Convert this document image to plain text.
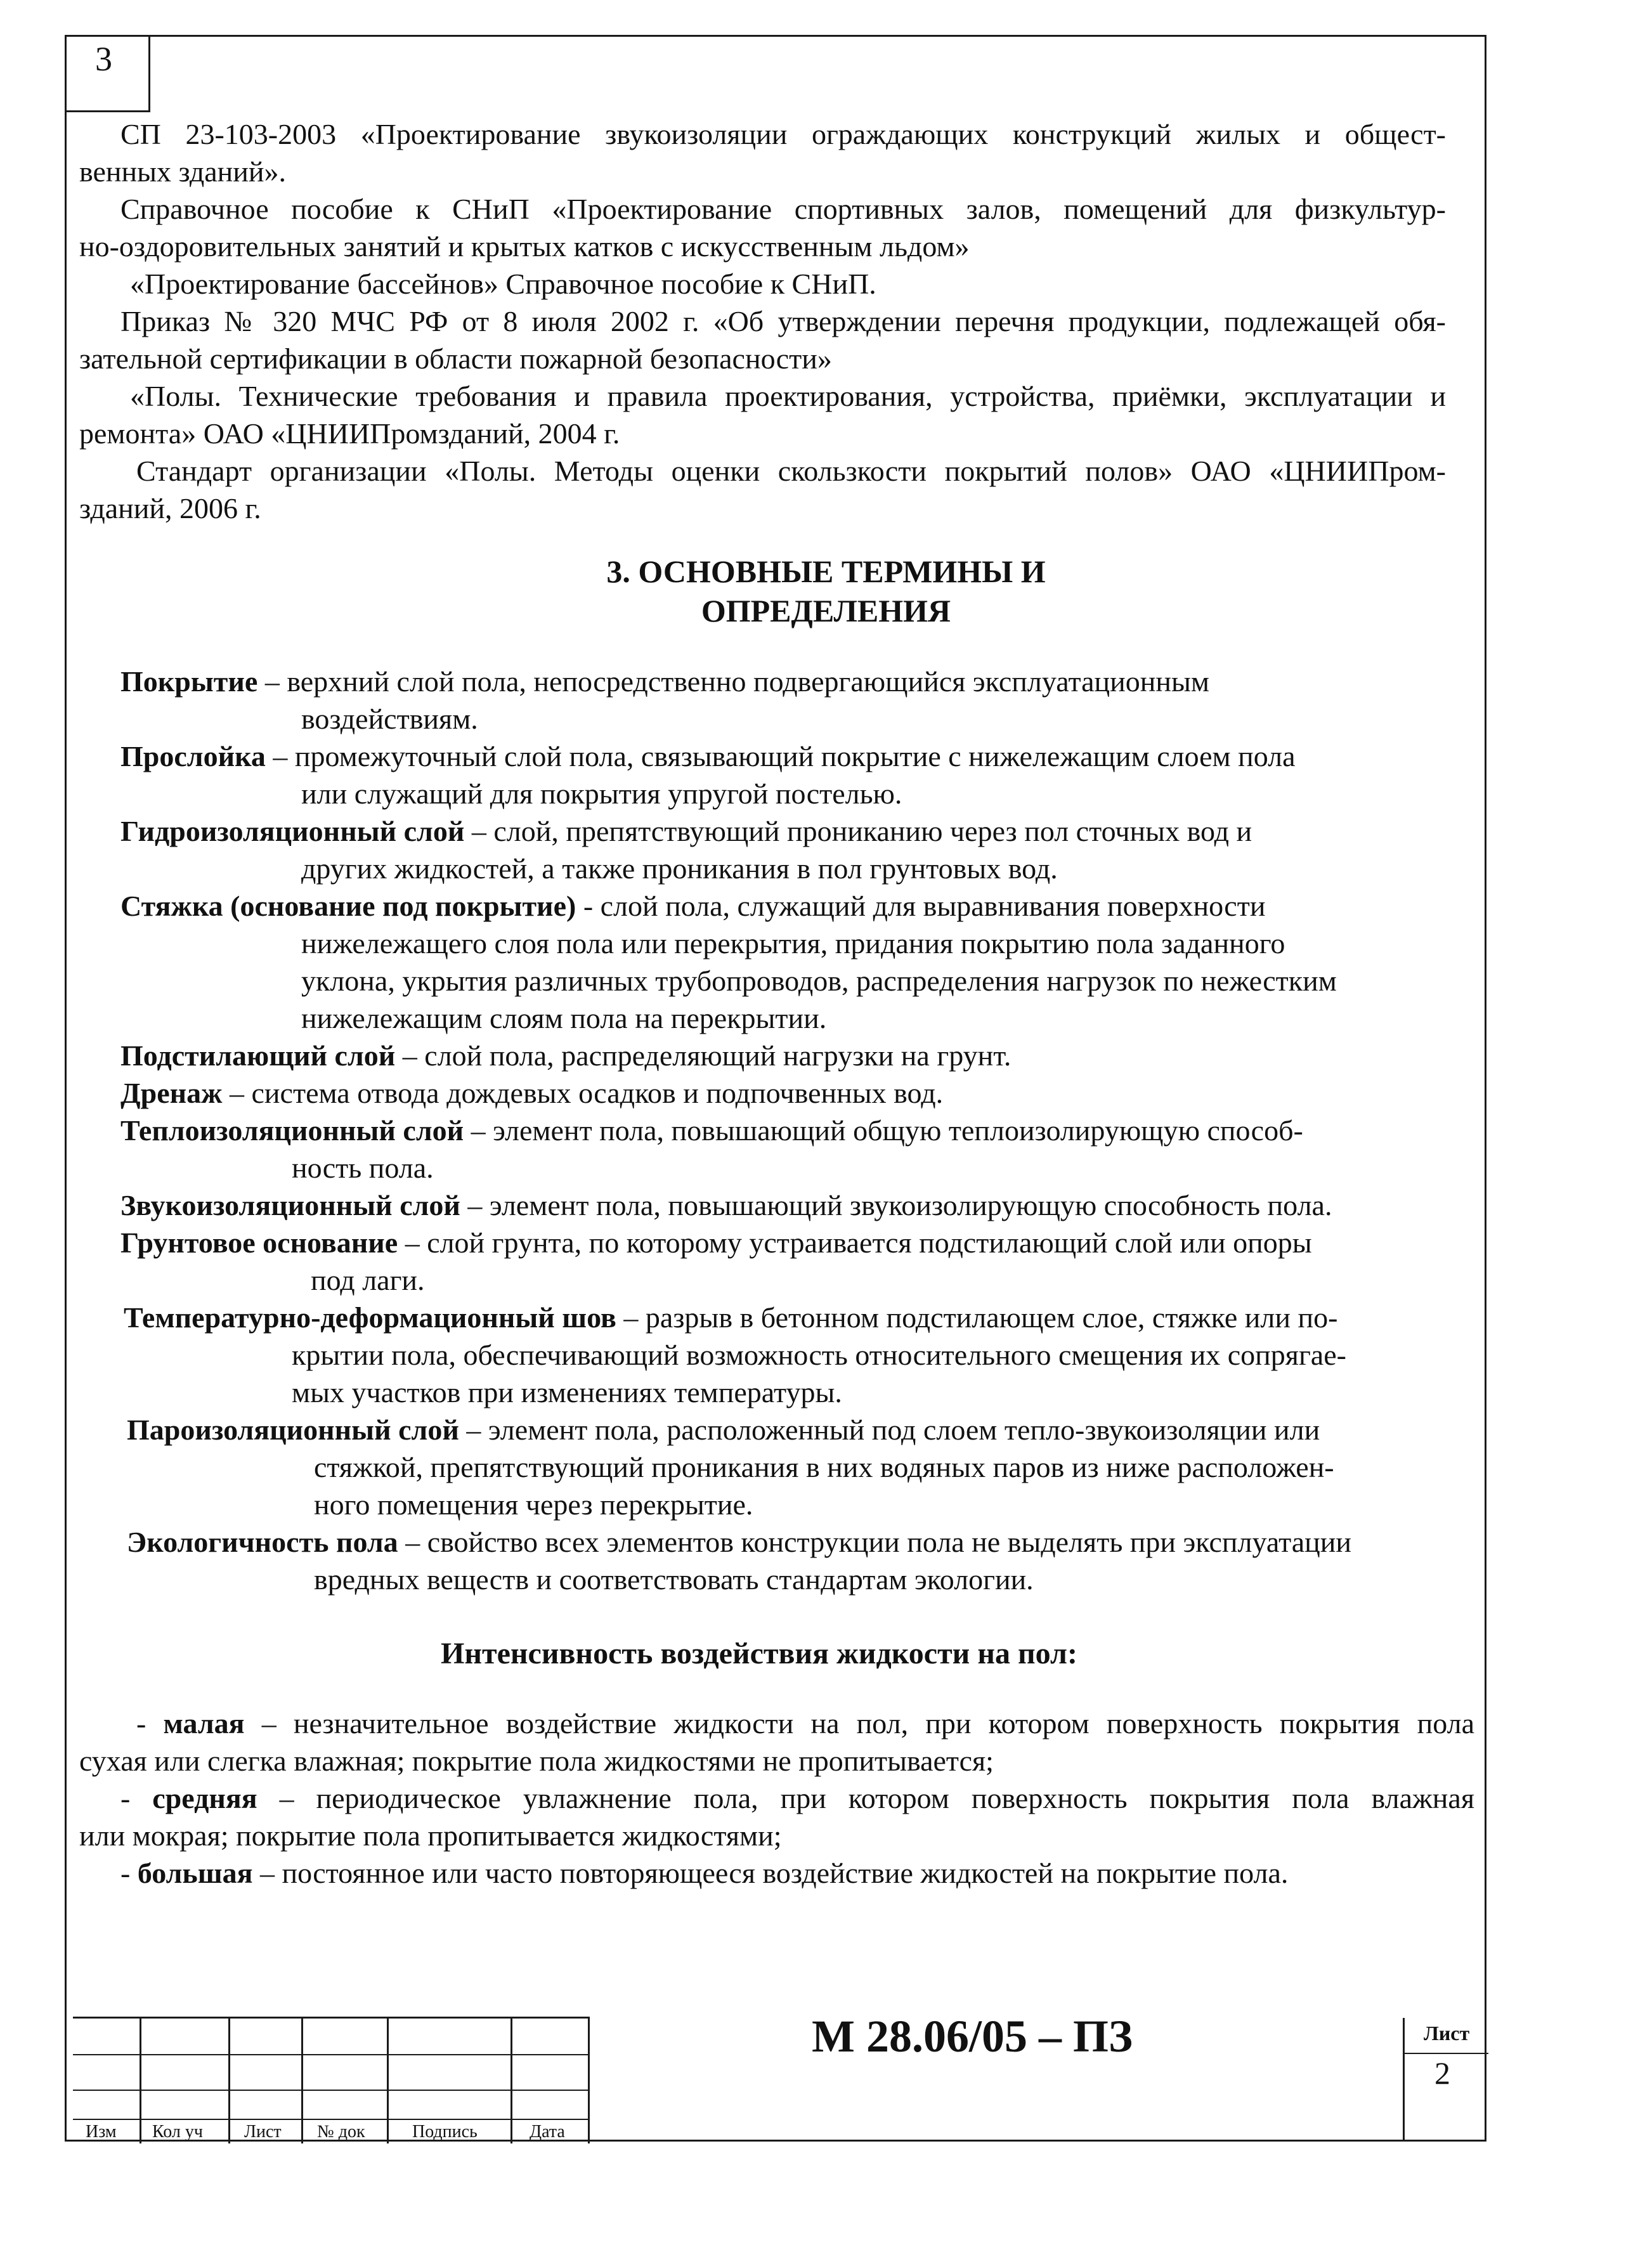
3
СП 23-103-2003 «Проектирование звукоизоляции ограждающих конструкций жилых и общест-
венных зданий».
Справочное пособие к СНиП «Проектирование спортивных залов, помещений для физкультур-
но-оздоровительных занятий и крытых катков с искусственным льдом»
«Проектирование бассейнов» Справочное пособие к СНиП.
Приказ № 320 МЧС РФ от 8 июля 2002 г. «Об утверждении перечня продукции, подлежащей обя-
зательной сертификации в области пожарной безопасности»
«Полы. Технические требования и правила проектирования, устройства, приёмки, эксплуатации и
ремонта» ОАО «ЦНИИПромзданий, 2004 г.
Стандарт организации «Полы. Методы оценки скользкости покрытий полов» ОАО «ЦНИИПром-
зданий, 2006 г.
3. ОСНОВНЫЕ ТЕРМИНЫ И
ОПРЕДЕЛЕНИЯ
Покрытие – верхний слой пола, непосредственно подвергающийся эксплуатационным
воздействиям.
Прослойка – промежуточный слой пола, связывающий покрытие с нижележащим слоем пола
или служащий для покрытия упругой постелью.
Гидроизоляционный слой – слой, препятствующий прониканию через пол сточных вод и
других жидкостей, а также проникания в пол грунтовых вод.
Стяжка (основание под покрытие) - слой пола, служащий для выравнивания поверхности
нижележащего слоя пола или перекрытия, придания покрытию пола заданного
уклона, укрытия различных трубопроводов, распределения нагрузок по нежестким
нижележащим слоям пола на перекрытии.
Подстилающий слой – слой пола, распределяющий нагрузки на грунт.
Дренаж – система отвода дождевых осадков и подпочвенных вод.
Теплоизоляционный слой – элемент пола, повышающий общую теплоизолирующую способ-
ность пола.
Звукоизоляционный слой – элемент пола, повышающий звукоизолирующую способность пола.
Грунтовое основание – слой грунта, по которому устраивается подстилающий слой или опоры
под лаги.
Температурно-деформационный шов – разрыв в бетонном подстилающем слое, стяжке или по-
крытии пола, обеспечивающий возможность относительного смещения их сопрягае-
мых участков при изменениях температуры.
Пароизоляционный слой – элемент пола, расположенный под слоем тепло-звукоизоляции или
стяжкой, препятствующий проникания в них водяных паров из ниже расположен-
ного помещения через перекрытие.
Экологичность пола – свойство всех элементов конструкции пола не выделять при эксплуатации
вредных веществ и соответствовать стандартам экологии.
Интенсивность воздействия жидкости на пол:
- малая – незначительное воздействие жидкости на пол, при котором поверхность покрытия пола
сухая или слегка влажная; покрытие пола жидкостями не пропитывается;
- средняя – периодическое увлажнение пола, при котором поверхность покрытия пола влажная
или мокрая; покрытие пола пропитывается жидкостями;
- большая – постоянное или часто повторяющееся воздействие жидкостей на покрытие пола.
Изм Кол уч Лист № док	Подпись	Дата
М 28.06/05 – ПЗ	Лист
2
